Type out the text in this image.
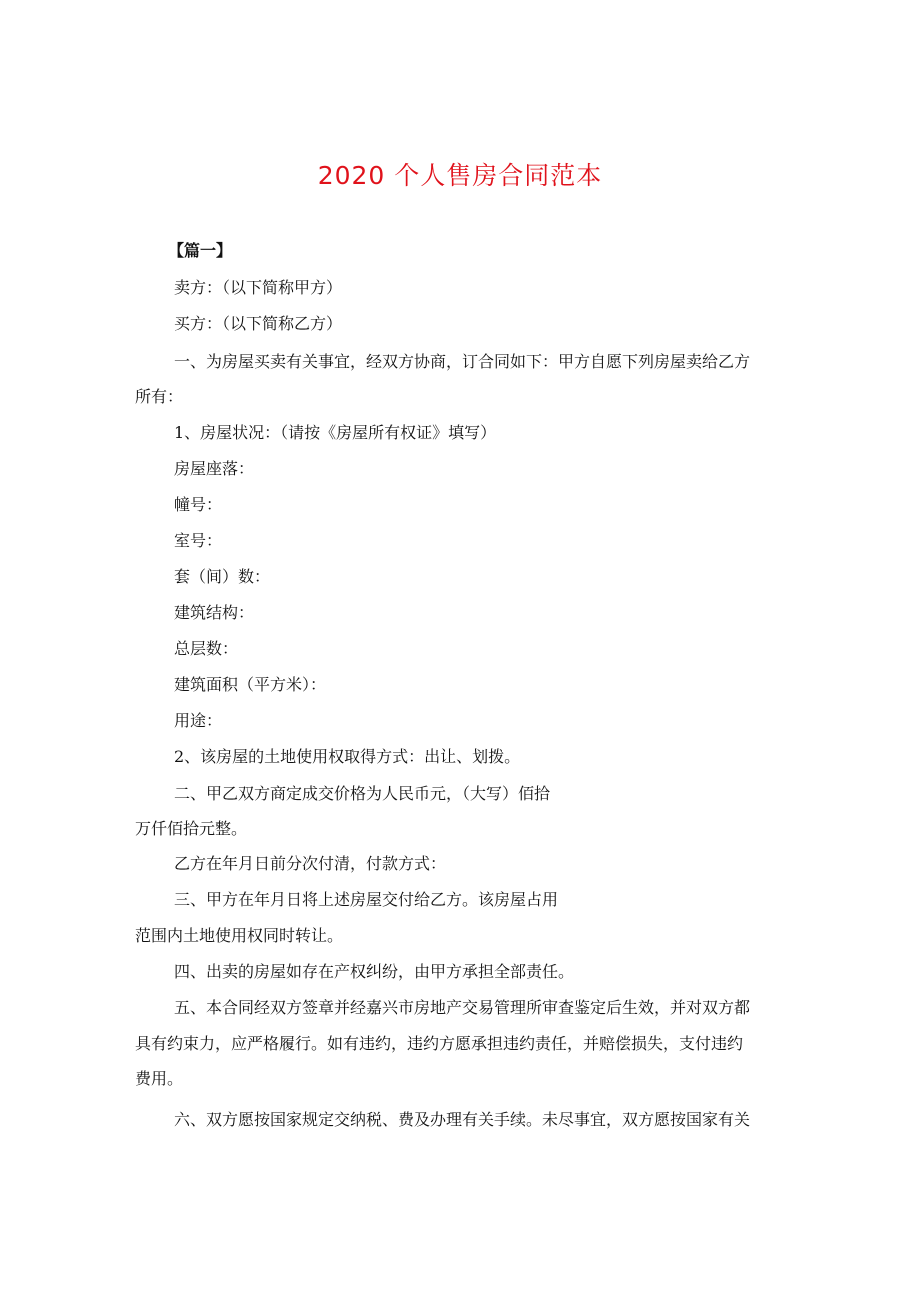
2020 个人售房合同范本
【篇一】
卖方：（以下简称甲方）
买方：（以下简称乙方）
一、为房屋买卖有关事宜，经双方协商，订合同如下：甲方自愿下列房屋卖给乙方
所有：
1、房屋状况：（请按《房屋所有权证》填写）
房屋座落：
幢号：
室号：
套（间）数：
建筑结构：
总层数：
建筑面积（平方米）：
用途：
2、该房屋的土地使用权取得方式：出让、划拨。
二、甲乙双方商定成交价格为人民币元，（大写）佰拾
万仟佰拾元整。
乙方在年月日前分次付清，付款方式：
三、甲方在年月日将上述房屋交付给乙方。该房屋占用
范围内土地使用权同时转让。
四、出卖的房屋如存在产权纠纷，由甲方承担全部责任。
五、本合同经双方签章并经嘉兴市房地产交易管理所审查鉴定后生效，并对双方都
具有约束力，应严格履行。如有违约，违约方愿承担违约责任，并赔偿损失，支付违约
费用。
六、双方愿按国家规定交纳税、费及办理有关手续。未尽事宜，双方愿按国家有关
